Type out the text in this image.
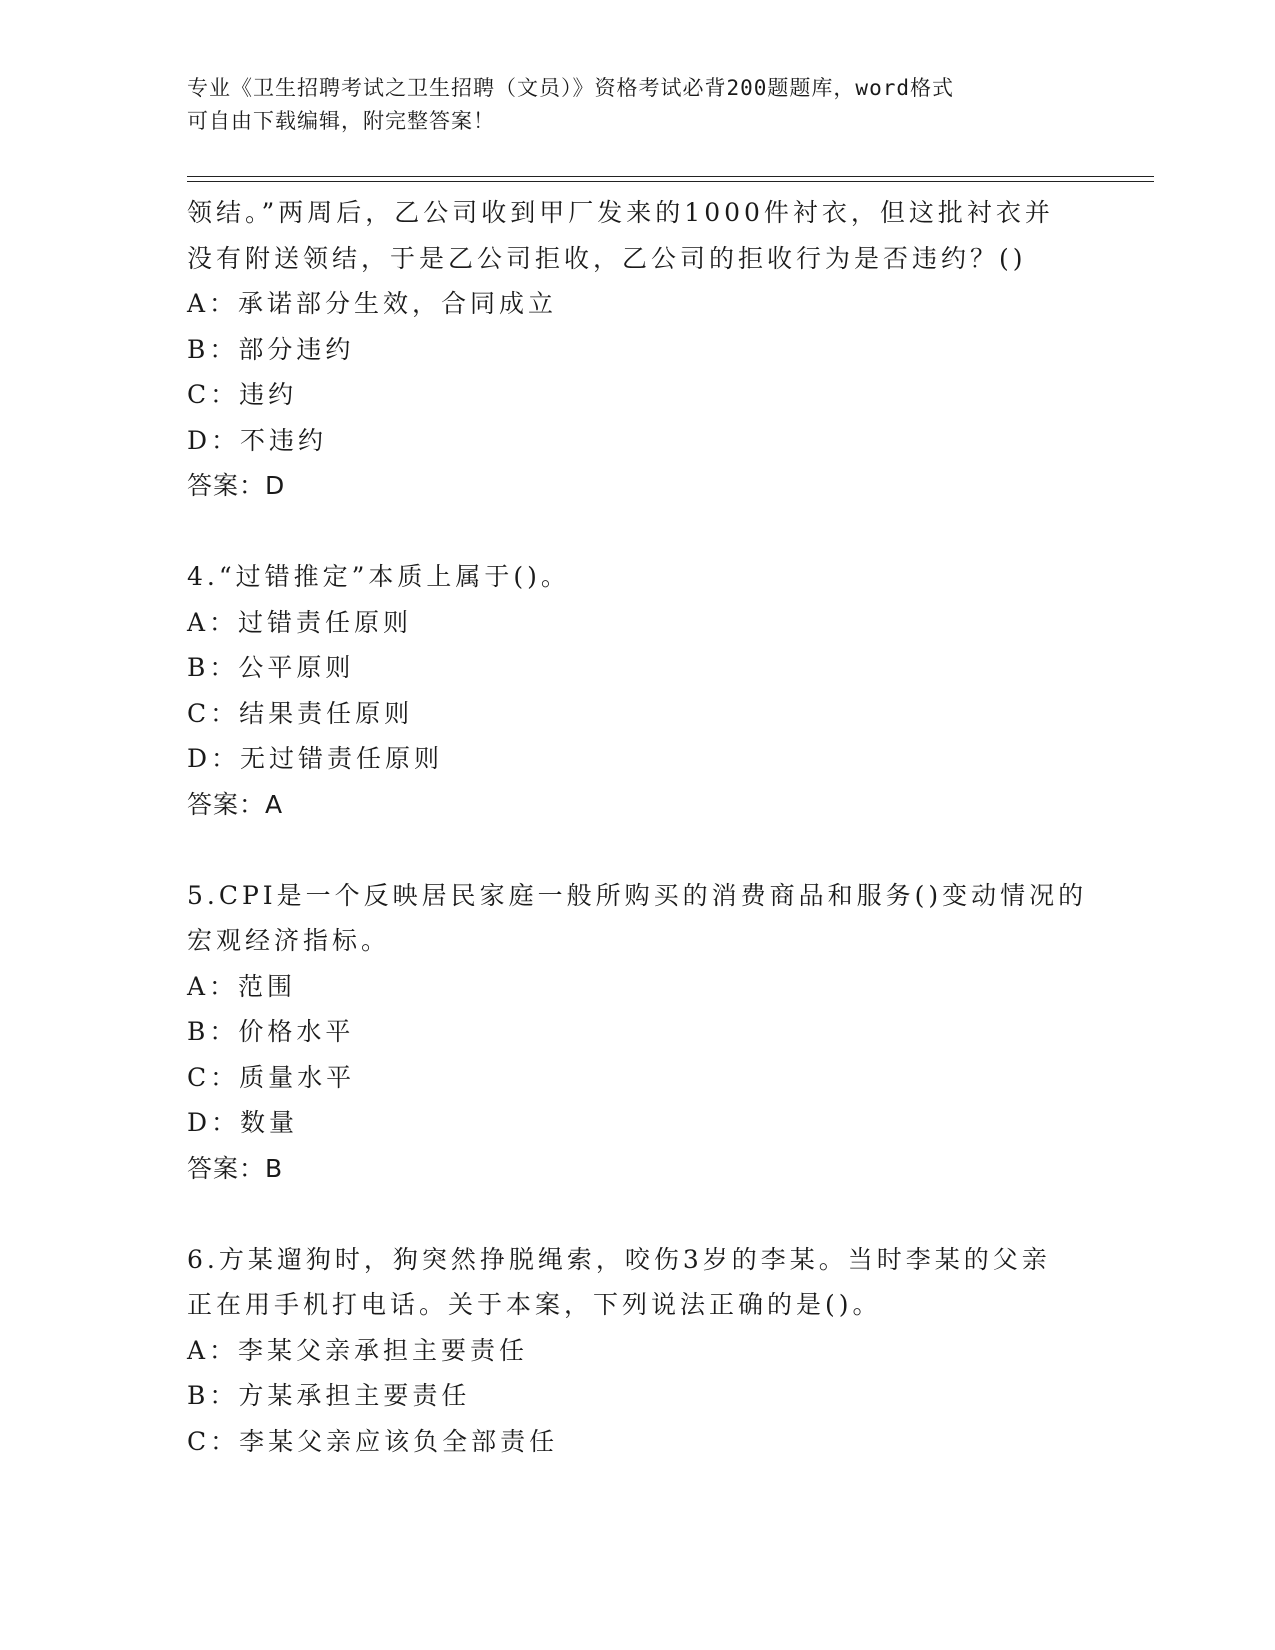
专业《卫生招聘考试之卫生招聘（文员）》资格考试必背200题题库，word格式
可自由下载编辑，附完整答案！
领结。”两周后，乙公司收到甲厂发来的1000件衬衣，但这批衬衣并
没有附送领结，于是乙公司拒收，乙公司的拒收行为是否违约？()
A：承诺部分生效，合同成立
B：部分违约
C：违约
D：不违约
答案：D
4.“过错推定”本质上属于()。
A：过错责任原则
B：公平原则
C：结果责任原则
D：无过错责任原则
答案：A
5.CPI是一个反映居民家庭一般所购买的消费商品和服务()变动情况的
宏观经济指标。
A：范围
B：价格水平
C：质量水平
D：数量
答案：B
6.方某遛狗时，狗突然挣脱绳索，咬伤3岁的李某。当时李某的父亲
正在用手机打电话。关于本案，下列说法正确的是()。
A：李某父亲承担主要责任
B：方某承担主要责任
C：李某父亲应该负全部责任
